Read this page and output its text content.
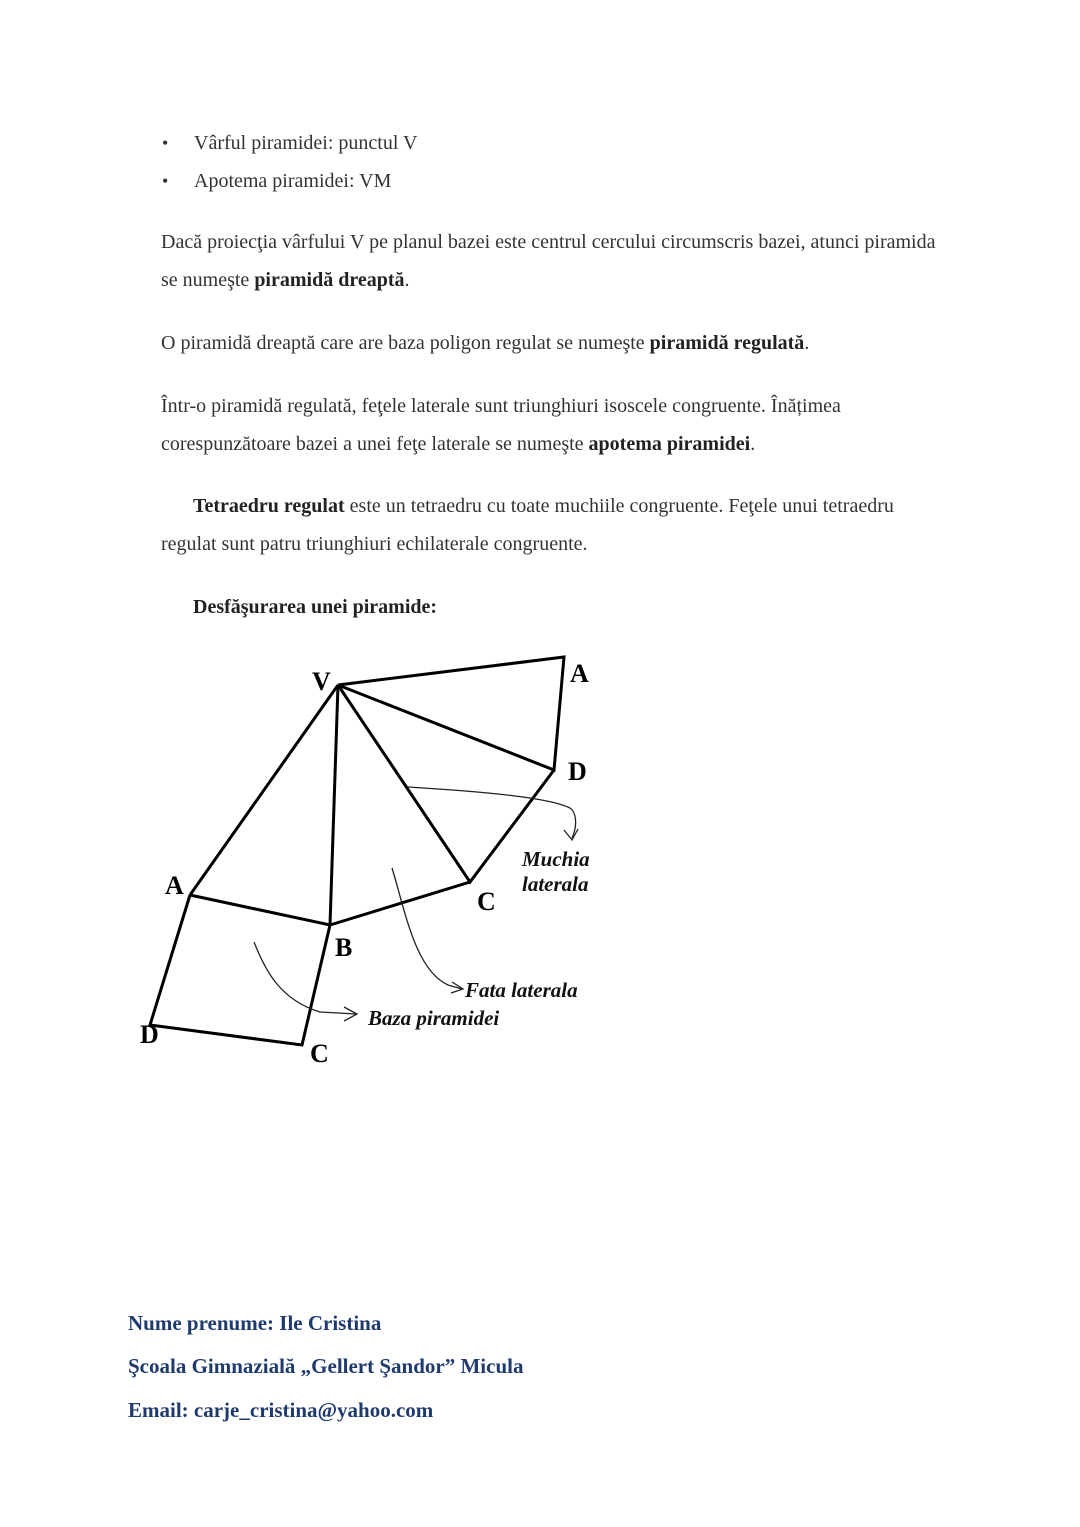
• Vârful piramidei: punctul V
• Apotema piramidei: VM

Dacă proiecţia vârfului V pe planul bazei este centrul cercului circumscris bazei, atunci piramida se numeşte piramidă dreaptă.

O piramidă dreaptă care are baza poligon regulat se numeşte piramidă regulată.

Într-o piramidă regulată, feţele laterale sunt triunghiuri isoscele congruente. Înățimea corespunzătoare bazei a unei feţe laterale se numeşte apotema piramidei.

Tetraedru regulat este un tetraedru cu toate muchiile congruente. Feţele unui tetraedru regulat sunt patru triunghiuri echilaterale congruente.

Desfăşurarea unei piramide:

V	A
D
A
B
C
D
C
Muchia
laterala
Fata laterala
Baza piramidei

Nume prenume: Ile Cristina

Şcoala Gimnazială „Gellert Şandor” Micula

Email: carje_cristina@yahoo.com
